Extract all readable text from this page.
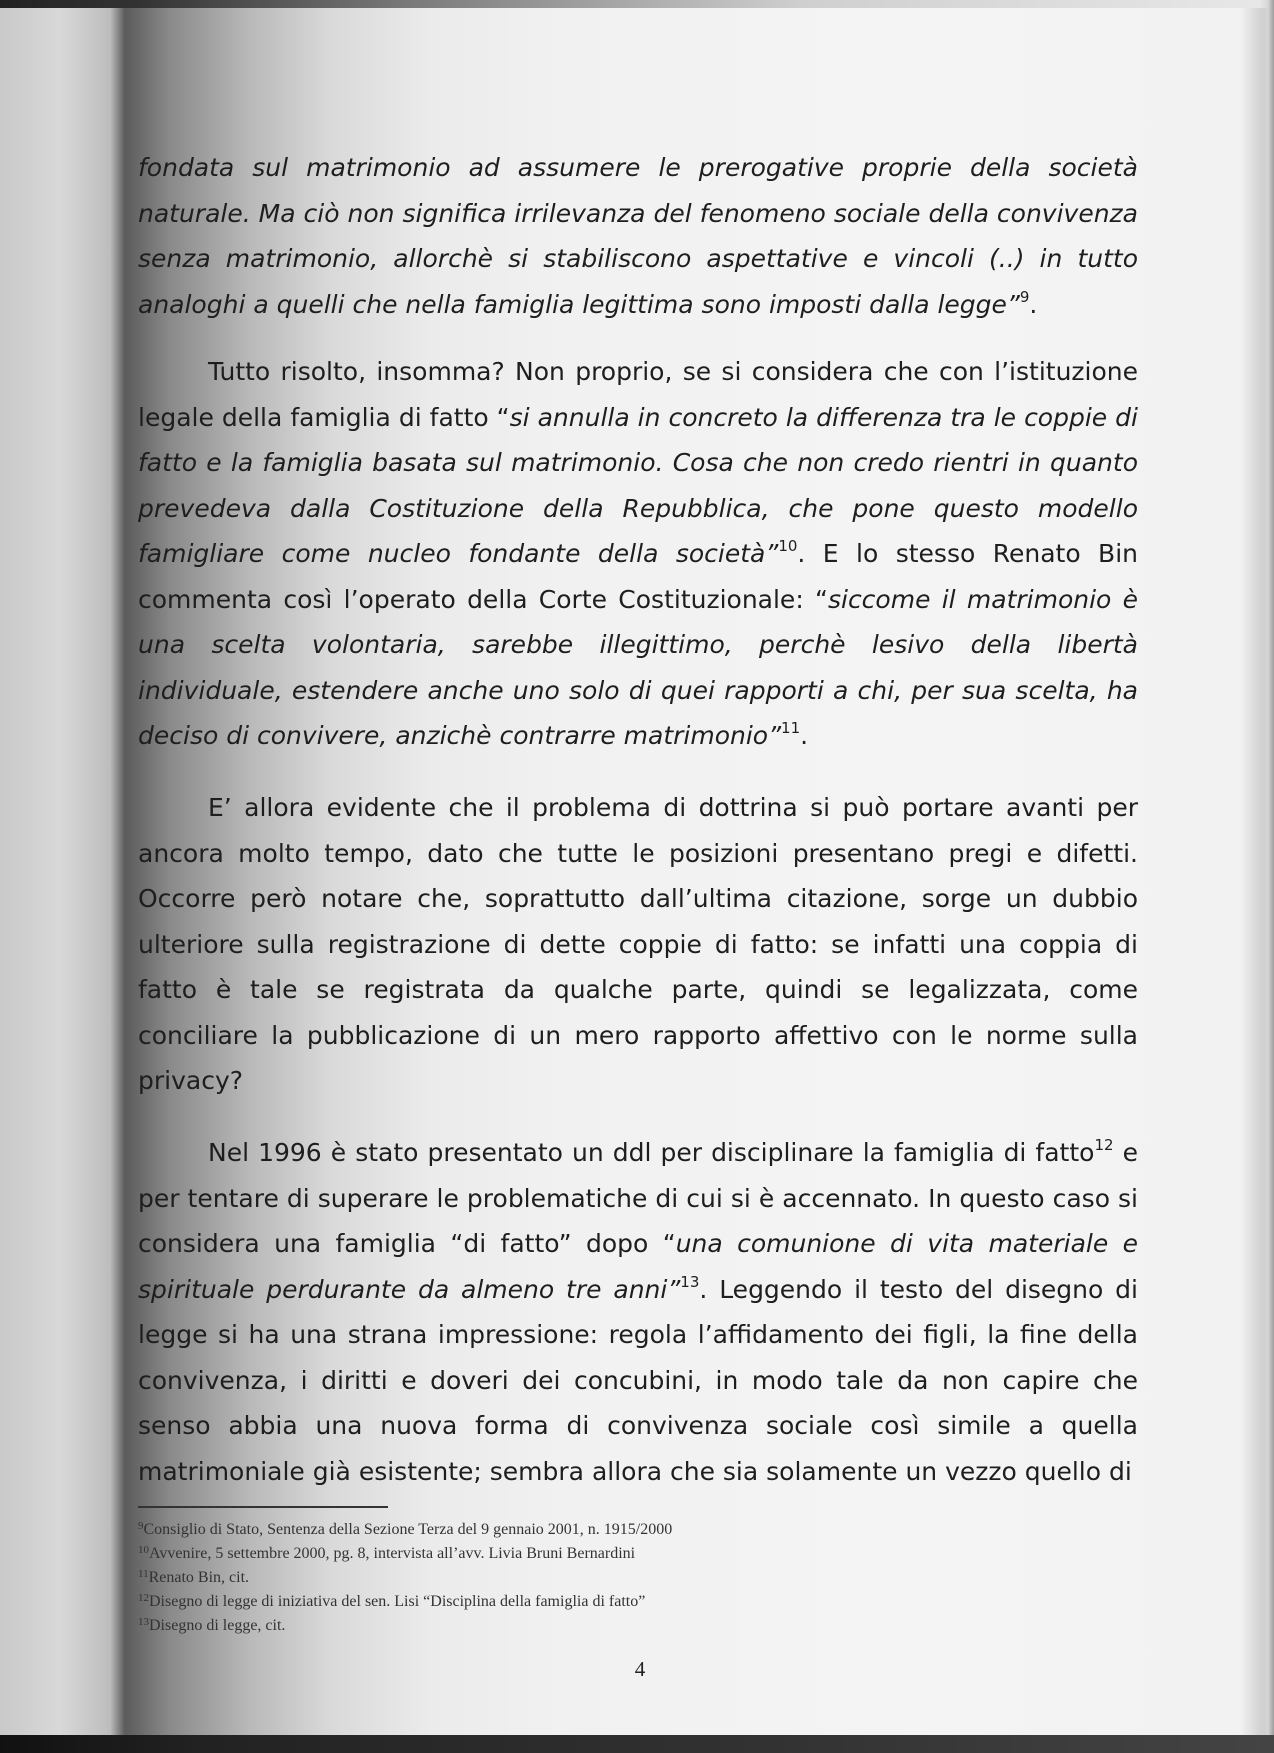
fondata sul matrimonio ad assumere le prerogative proprie della società naturale. Ma ciò non significa irrilevanza del fenomeno sociale della convivenza senza matrimonio, allorchè si stabiliscono aspettative e vincoli (..) in tutto analoghi a quelli che nella famiglia legittima sono imposti dalla legge”$^9$.
Tutto risolto, insomma? Non proprio, se si considera che con l’istituzione legale della famiglia di fatto “si annulla in concreto la differenza tra le coppie di fatto e la famiglia basata sul matrimonio. Cosa che non credo rientri in quanto prevedeva dalla Costituzione della Repubblica, che pone questo modello famigliare come nucleo fondante della società”$^{10}$. E lo stesso Renato Bin commenta così l’operato della Corte Costituzionale: “siccome il matrimonio è una scelta volontaria, sarebbe illegittimo, perchè lesivo della libertà individuale, estendere anche uno solo di quei rapporti a chi, per sua scelta, ha deciso di convivere, anzichè contrarre matrimonio”$^{11}$.
E’ allora evidente che il problema di dottrina si può portare avanti per ancora molto tempo, dato che tutte le posizioni presentano pregi e difetti. Occorre però notare che, soprattutto dall’ultima citazione, sorge un dubbio ulteriore sulla registrazione di dette coppie di fatto: se infatti una coppia di fatto è tale se registrata da qualche parte, quindi se legalizzata, come conciliare la pubblicazione di un mero rapporto affettivo con le norme sulla privacy?
Nel 1996 è stato presentato un ddl per disciplinare la famiglia di fatto$^{12}$ e per tentare di superare le problematiche di cui si è accennato. In questo caso si considera una famiglia “di fatto” dopo “una comunione di vita materiale e spirituale perdurante da almeno tre anni”$^{13}$. Leggendo il testo del disegno di legge si ha una strana impressione: regola l’affidamento dei figli, la fine della convivenza, i diritti e doveri dei concubini, in modo tale da non capire che senso abbia una nuova forma di convivenza sociale così simile a quella matrimoniale già esistente; sembra allora che sia solamente un vezzo quello di
$^9$Consiglio di Stato, Sentenza della Sezione Terza del 9 gennaio 2001, n. 1915/2000
$^{10}$Avvenire, 5 settembre 2000, pg. 8, intervista all’avv. Livia Bruni Bernardini
$^{11}$Renato Bin, cit.
$^{12}$Disegno di legge di iniziativa del sen. Lisi “Disciplina della famiglia di fatto”
$^{13}$Disegno di legge, cit.
4
